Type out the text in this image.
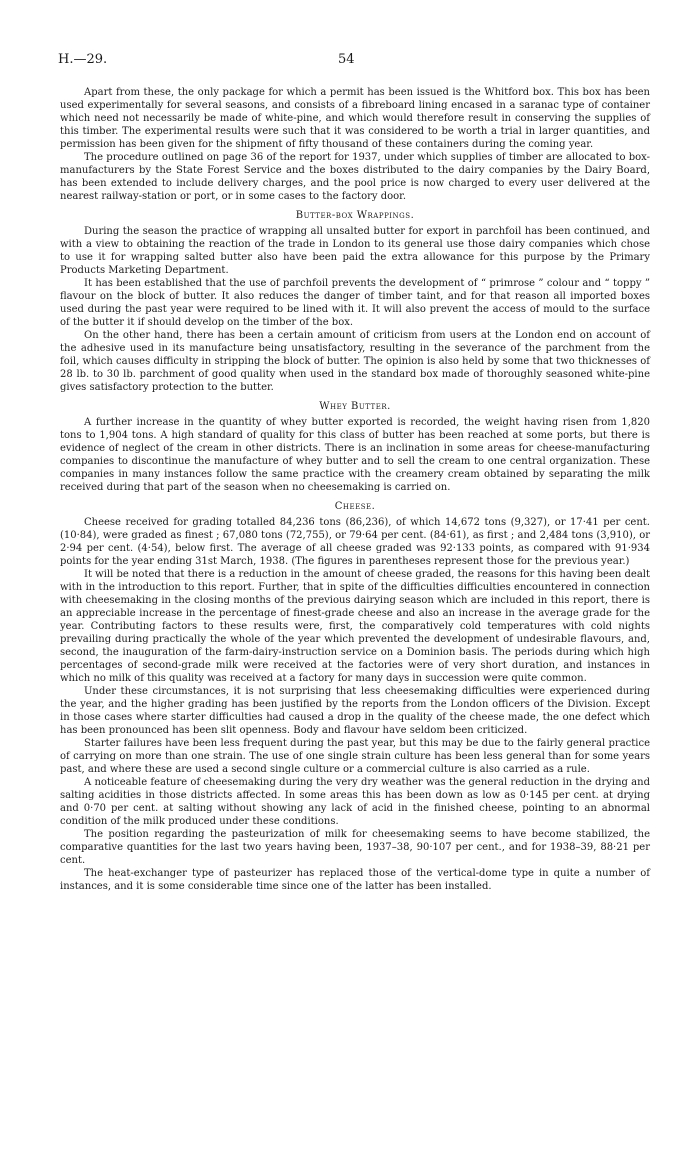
H.—29.	54

Apart from these, the only package for which a permit has been issued is the Whitford box. This box has been used experimentally for several seasons, and consists of a fibreboard lining encased in a saranac type of container which need not necessarily be made of white-pine, and which would therefore result in conserving the supplies of this timber. The experimental results were such that it was considered to be worth a trial in larger quantities, and permission has been given for the shipment of fifty thousand of these containers during the coming year.

The procedure outlined on page 36 of the report for 1937, under which supplies of timber are allocated to box-manufacturers by the State Forest Service and the boxes distributed to the dairy companies by the Dairy Board, has been extended to include delivery charges, and the pool price is now charged to every user delivered at the nearest railway-station or port, or in some cases to the factory door.

Butter-box Wrappings.

During the season the practice of wrapping all unsalted butter for export in parchfoil has been continued, and with a view to obtaining the reaction of the trade in London to its general use those dairy companies which chose to use it for wrapping salted butter also have been paid the extra allowance for this purpose by the Primary Products Marketing Department.

It has been established that the use of parchfoil prevents the development of “ primrose ” colour and “ toppy ” flavour on the block of butter. It also reduces the danger of timber taint, and for that reason all imported boxes used during the past year were required to be lined with it. It will also prevent the access of mould to the surface of the butter it if should develop on the timber of the box.

On the other hand, there has been a certain amount of criticism from users at the London end on account of the adhesive used in its manufacture being unsatisfactory, resulting in the severance of the parchment from the foil, which causes difficulty in stripping the block of butter. The opinion is also held by some that two thicknesses of 28 lb. to 30 lb. parchment of good quality when used in the standard box made of thoroughly seasoned white-pine gives satisfactory protection to the butter.

Whey Butter.

A further increase in the quantity of whey butter exported is recorded, the weight having risen from 1,820 tons to 1,904 tons. A high standard of quality for this class of butter has been reached at some ports, but there is evidence of neglect of the cream in other districts. There is an inclination in some areas for cheese-manufacturing companies to discontinue the manufacture of whey butter and to sell the cream to one central organization. These companies in many instances follow the same practice with the creamery cream obtained by separating the milk received during that part of the season when no cheesemaking is carried on.

Cheese.

Cheese received for grading totalled 84,236 tons (86,236), of which 14,672 tons (9,327), or 17·41 per cent. (10·84), were graded as finest ; 67,080 tons (72,755), or 79·64 per cent. (84·61), as first ; and 2,484 tons (3,910), or 2·94 per cent. (4·54), below first. The average of all cheese graded was 92·133 points, as compared with 91·934 points for the year ending 31st March, 1938. (The figures in parentheses represent those for the previous year.)

It will be noted that there is a reduction in the amount of cheese graded, the reasons for this having been dealt with in the introduction to this report. Further, that in spite of the difficulties difficulties encountered in connection with cheesemaking in the closing months of the previous dairying season which are included in this report, there is an appreciable increase in the percentage of finest-grade cheese and also an increase in the average grade for the year. Contributing factors to these results were, first, the comparatively cold temperatures with cold nights prevailing during practically the whole of the year which prevented the development of undesirable flavours, and, second, the inauguration of the farm-dairy-instruction service on a Dominion basis. The periods during which high percentages of second-grade milk were received at the factories were of very short duration, and instances in which no milk of this quality was received at a factory for many days in succession were quite common.

Under these circumstances, it is not surprising that less cheesemaking difficulties were experienced during the year, and the higher grading has been justified by the reports from the London officers of the Division. Except in those cases where starter difficulties had caused a drop in the quality of the cheese made, the one defect which has been pronounced has been slit openness. Body and flavour have seldom been criticized.

Starter failures have been less frequent during the past year, but this may be due to the fairly general practice of carrying on more than one strain. The use of one single strain culture has been less general than for some years past, and where these are used a second single culture or a commercial culture is also carried as a rule.

A noticeable feature of cheesemaking during the very dry weather was the general reduction in the drying and salting acidities in those districts affected. In some areas this has been down as low as 0·145 per cent. at drying and 0·70 per cent. at salting without showing any lack of acid in the finished cheese, pointing to an abnormal condition of the milk produced under these conditions.

The position regarding the pasteurization of milk for cheesemaking seems to have become stabilized, the comparative quantities for the last two years having been, 1937–38, 90·107 per cent., and for 1938–39, 88·21 per cent.

The heat-exchanger type of pasteurizer has replaced those of the vertical-dome type in quite a number of instances, and it is some considerable time since one of the latter has been installed.
